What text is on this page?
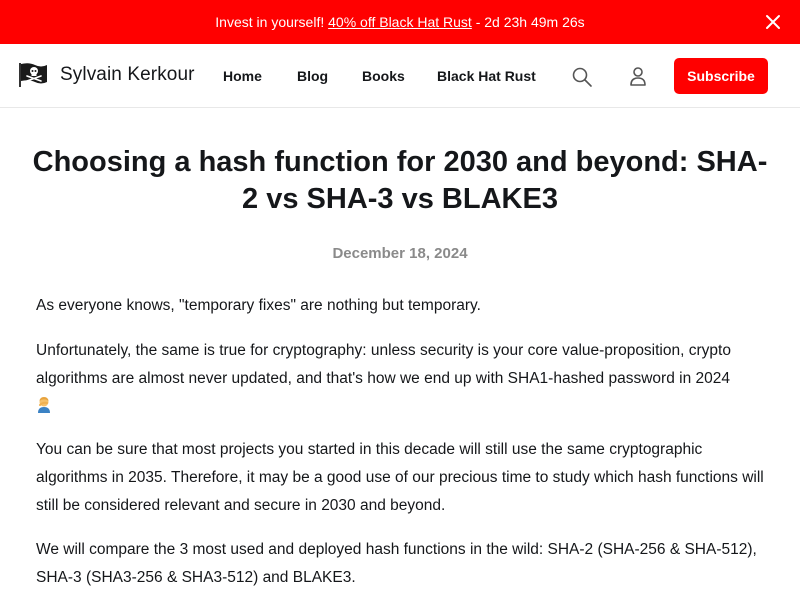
Invest in yourself!
40% off Black Hat Rust
- 2d 23h 49m 26s
Sylvain Kerkour Home	Blog Books Black Hat Rust	Subscribe
Choosing a hash function for 2030 and beyond: SHA-
2 vs SHA-3 vs BLAKE3
December 18, 2024

As everyone knows, "temporary fixes" are nothing but temporary.

Unfortunately, the same is true for cryptography: unless security is your core value-proposition, crypto algorithms are almost never updated, and that's how we end up with SHA1-hashed password in 2024

You can be sure that most projects you started in this decade will still use the same cryptographic algorithms in 2035. Therefore, it may be a good use of our precious time to study which hash functions will still be considered relevant and secure in 2030 and beyond.

We will compare the 3 most used and deployed hash functions in the wild: SHA-2 (SHA-256 & SHA-512), SHA-3 (SHA3-256 & SHA3-512) and BLAKE3.
